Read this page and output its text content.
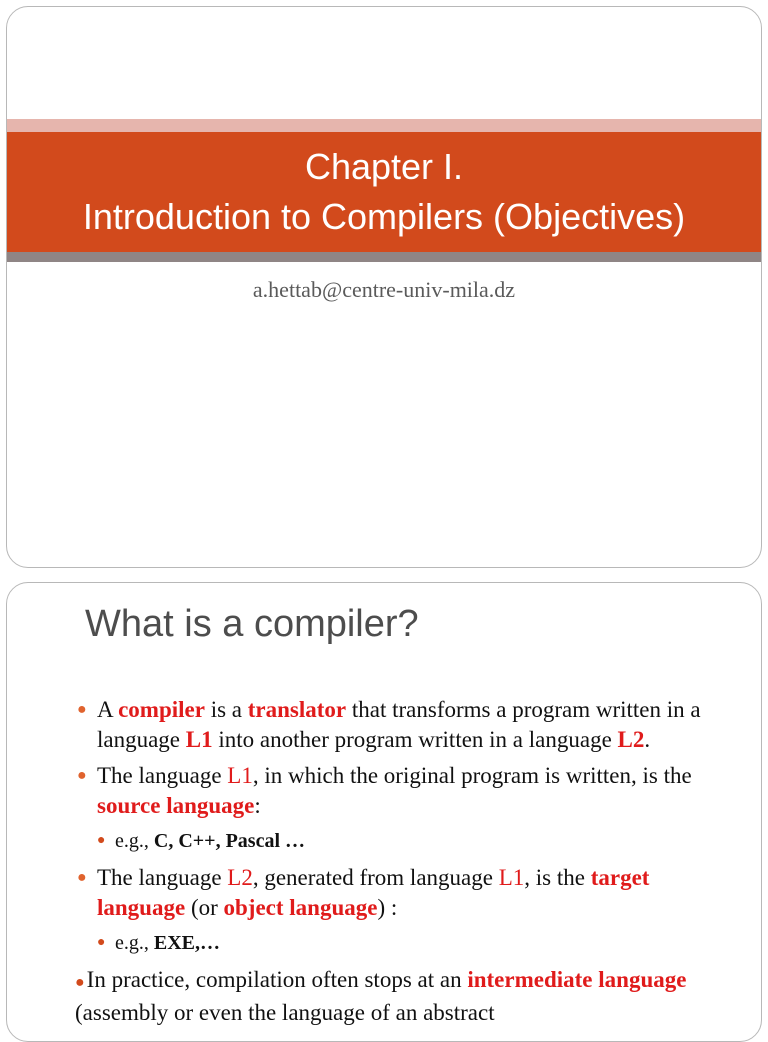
Chapter I.
Introduction to Compilers (Objectives)
a.hettab@centre-univ-mila.dz
What is a compiler?
● A compiler is a translator that transforms a program written in a language L1 into another program written in a language L2.
● The language L1, in which the original program is written, is the source language:
● e.g., C, C++, Pascal …
● The language L2, generated from language L1, is the target language (or object language) :
● e.g., EXE,…
●In practice, compilation often stops at an intermediate language (assembly or even the language of an abstract
